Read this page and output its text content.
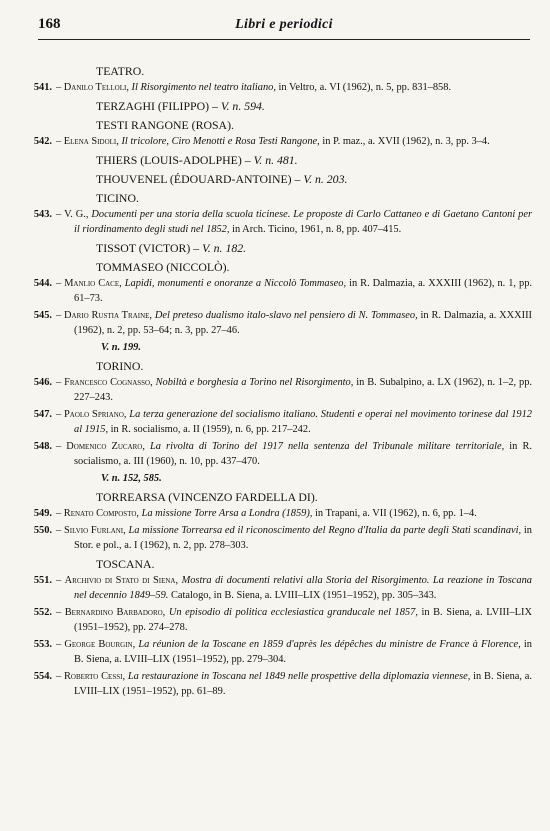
168	Libri e periodici
TEATRO.
541. – Danilo Telloli, Il Risorgimento nel teatro italiano, in Veltro, a. VI (1962), n. 5, pp. 831–858.
TERZAGHI (FILIPPO) – V. n. 594.
TESTI RANGONE (ROSA).
542. – Elena Sidoli, Il tricolore, Ciro Menotti e Rosa Testi Rangone, in P. maz., a. XVII (1962), n. 3, pp. 3–4.
THIERS (LOUIS-ADOLPHE) – V. n. 481.
THOUVENEL (ÉDOUARD-ANTOINE) – V. n. 203.
TICINO.
543. – V. G., Documenti per una storia della scuola ticinese. Le proposte di Carlo Cattaneo e di Gaetano Cantoni per il riordinamento degli studi nel 1852, in Arch. Ticino, 1961, n. 8, pp. 407–415.
TISSOT (VICTOR) – V. n. 182.
TOMMASEO (NICCOLÒ).
544. – Manlio Cace, Lapidi, monumenti e onoranze a Niccolò Tommaseo, in R. Dalmazia, a. XXXIII (1962), n. 1, pp. 61–73.
545. – Dario Rustia Traine, Del preteso dualismo italo-slavo nel pensiero di N. Tommaseo, in R. Dalmazia, a. XXXIII (1962), n. 2, pp. 53–64; n. 3, pp. 27–46.
V. n. 199.
TORINO.
546. – Francesco Cognasso, Nobiltà e borghesia a Torino nel Risorgimento, in B. Subalpino, a. LX (1962), n. 1–2, pp. 227–243.
547. – Paolo Spriano, La terza generazione del socialismo italiano. Studenti e operai nel movimento torinese dal 1912 al 1915, in R. socialismo, a. II (1959), n. 6, pp. 217–242.
548. – Domenico Zucaro, La rivolta di Torino del 1917 nella sentenza del Tribunale militare territoriale, in R. socialismo, a. III (1960), n. 10, pp. 437–470.
V. n. 152, 585.
TORREARSA (VINCENZO FARDELLA DI).
549. – Renato Composto, La missione Torre Arsa a Londra (1859), in Trapani, a. VII (1962), n. 6, pp. 1–4.
550. – Silvio Furlani, La missione Torrearsa ed il riconoscimento del Regno d'Italia da parte degli Stati scandinavi, in Stor. e pol., a. I (1962), n. 2, pp. 278–303.
TOSCANA.
551. – Archivio di Stato di Siena, Mostra di documenti relativi alla Storia del Risorgimento. La reazione in Toscana nel decennio 1849–59. Catalogo, in B. Siena, a. LVIII–LIX (1951–1952), pp. 305–343.
552. – Bernardino Barbadoro, Un episodio di politica ecclesiastica granducale nel 1857, in B. Siena, a. LVIII–LIX (1951–1952), pp. 274–278.
553. – George Bourgin, La réunion de la Toscane en 1859 d'après les dépêches du ministre de France à Florence, in B. Siena, a. LVIII–LIX (1951–1952), pp. 279–304.
554. – Roberto Cessi, La restaurazione in Toscana nel 1849 nelle prospettive della diplomazia viennese, in B. Siena, a. LVIII–LIX (1951–1952), pp. 61–89.
